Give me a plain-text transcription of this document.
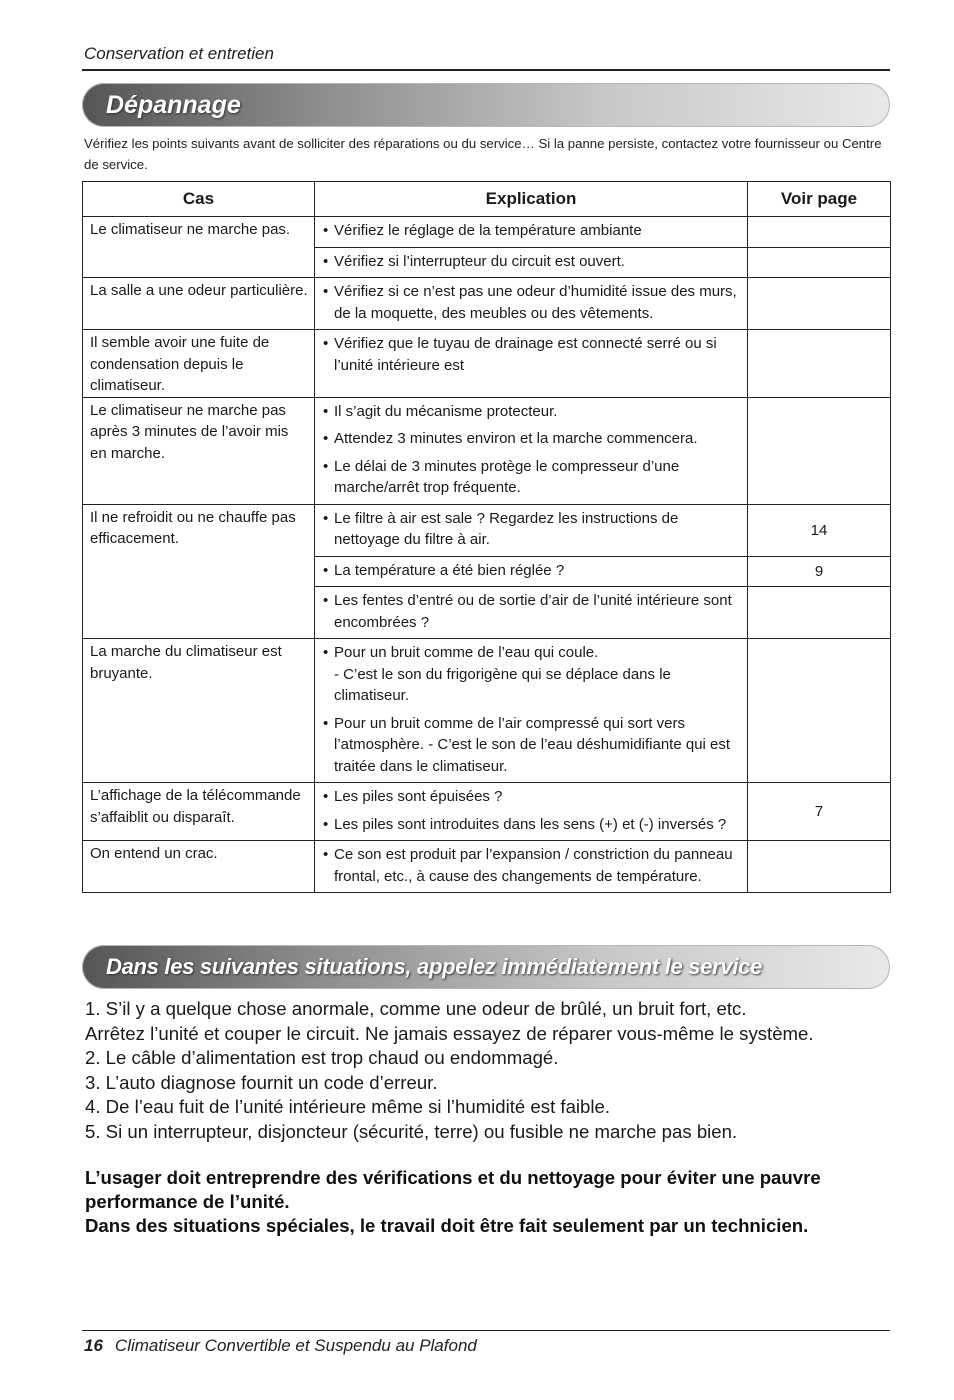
Conservation et entretien
Dépannage
Vérifiez les points suivants avant de solliciter des réparations ou du service… Si la panne persiste, contactez votre fournisseur ou Centre de service.
Cas	Explication	Voir page
Le climatiseur ne marche pas.	• Vérifiez le réglage de la température ambiante

	• Vérifiez si l’interrupteur du circuit est ouvert.

La salle a une odeur particulière.	• Vérifiez si ce n’est pas une odeur d’humidité issue des murs, de la moquette, des meubles ou des vêtements.

Il semble avoir une fuite de condensation depuis le climatiseur.	• Vérifiez que le tuyau de drainage est connecté serré ou si l’unité intérieure est

Le climatiseur ne marche pas après 3 minutes de l’avoir mis en marche.	• Il s’agit du mécanisme protecteur.
• Attendez 3 minutes environ et la marche commencera.
• Le délai de 3 minutes protège le compresseur d’une marche/arrêt trop fréquente.

Il ne refroidit ou ne chauffe pas efficacement.	• Le filtre à air est sale ? Regardez les instructions de nettoyage du filtre à air.	14

	• La température a été bien réglée ?	9

	• Les fentes d’entré ou de sortie d’air de l’unité intérieure sont encombrées ?

La marche du climatiseur est bruyante.	• Pour un bruit comme de l’eau qui coule.
- C’est le son du frigorigène qui se déplace dans le climatiseur.
• Pour un bruit comme de l’air compressé qui sort vers l’atmosphère. - C’est le son de l’eau déshumidifiante qui est traitée dans le climatiseur.

L’affichage de la télécommande s’affaiblit ou disparaît.	• Les piles sont épuisées ?
• Les piles sont introduites dans les sens (+) et (-) inversés ?	7
On entend un crac.	• Ce son est produit par l’expansion / constriction du panneau frontal, etc., à cause des changements de température.

Dans les suivantes situations, appelez immédiatement le service
1. S’il y a quelque chose anormale, comme une odeur de brûlé, un bruit fort, etc.
Arrêtez l’unité et couper le circuit. Ne jamais essayez de réparer vous-même le système.
2. Le câble d’alimentation est trop chaud ou endommagé.
3. L’auto diagnose fournit un code d’erreur.
4. De l’eau fuit de l’unité intérieure même si l’humidité est faible.
5. Si un interrupteur, disjoncteur (sécurité, terre) ou fusible ne marche pas bien.
L’usager doit entreprendre des vérifications et du nettoyage pour éviter une pauvre performance de l’unité.
Dans des situations spéciales, le travail doit être fait seulement par un technicien.
16 Climatiseur Convertible et Suspendu au Plafond
